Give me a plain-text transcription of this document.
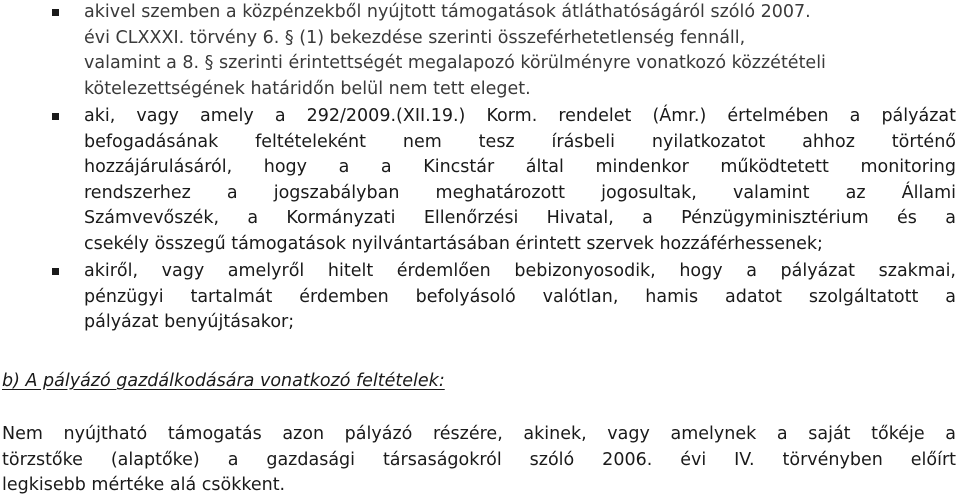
akivel szemben a közpénzekből nyújtott támogatások átláthatóságáról szóló 2007.
évi CLXXXI. törvény 6. § (1) bekezdése szerinti összeférhetetlenség fennáll,
valamint a 8. § szerinti érintettségét megalapozó körülményre vonatkozó közzétételi
kötelezettségének határidőn belül nem tett eleget.
aki, vagy amely a 292/2009.(XII.19.) Korm. rendelet (Ámr.) értelmében a pályázat
befogadásának feltételeként nem tesz írásbeli nyilatkozatot ahhoz történő
hozzájárulásáról, hogy a a Kincstár által mindenkor működtetett monitoring
rendszerhez a jogszabályban meghatározott jogosultak, valamint az Állami
Számvevőszék, a Kormányzati Ellenőrzési Hivatal, a Pénzügyminisztérium és a
csekély összegű támogatások nyilvántartásában érintett szervek hozzáférhessenek;
akiről, vagy amelyről hitelt érdemlően bebizonyosodik, hogy a pályázat szakmai,
pénzügyi tartalmát érdemben befolyásoló valótlan, hamis adatot szolgáltatott a
pályázat benyújtásakor;
b) A pályázó gazdálkodására vonatkozó feltételek:
Nem nyújtható támogatás azon pályázó részére, akinek, vagy amelynek a saját tőkéje a
törzstőke (alaptőke) a gazdasági társaságokról szóló 2006. évi IV. törvényben előírt
legkisebb mértéke alá csökkent.
